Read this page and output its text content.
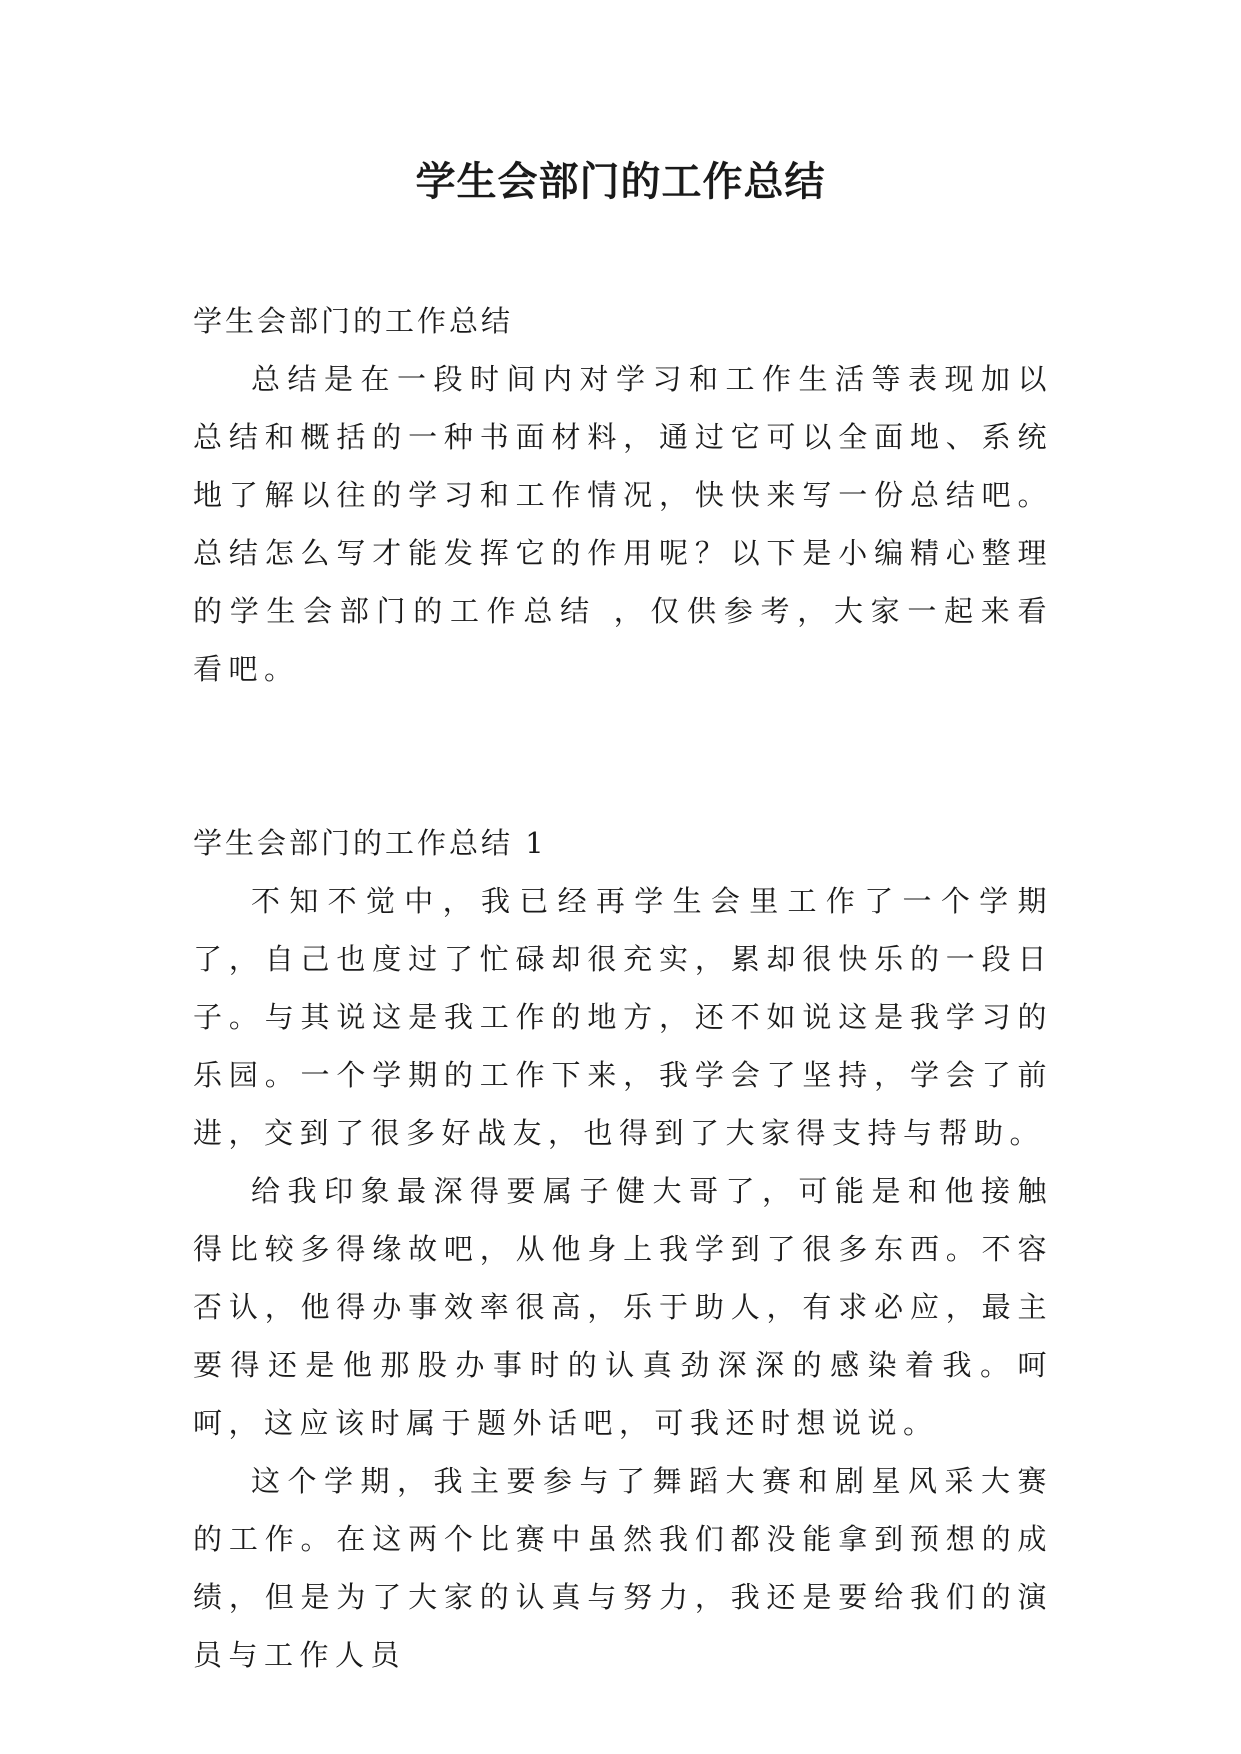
学生会部门的工作总结

学生会部门的工作总结

总结是在一段时间内对学习和工作生活等表现加以总结和概括的一种书面材料，通过它可以全面地、系统地了解以往的学习和工作情况，快快来写一份总结吧。总结怎么写才能发挥它的作用呢？以下是小编精心整理的学生会部门的工作总结 ，仅供参考，大家一起来看看吧。

学生会部门的工作总结 1

不知不觉中，我已经再学生会里工作了一个学期了，自己也度过了忙碌却很充实，累却很快乐的一段日子。与其说这是我工作的地方，还不如说这是我学习的乐园。一个学期的工作下来，我学会了坚持，学会了前进，交到了很多好战友，也得到了大家得支持与帮助。

给我印象最深得要属子健大哥了，可能是和他接触得比较多得缘故吧，从他身上我学到了很多东西。不容否认，他得办事效率很高，乐于助人，有求必应，最主要得还是他那股办事时的认真劲深深的感染着我。呵呵，这应该时属于题外话吧，可我还时想说说。

这个学期，我主要参与了舞蹈大赛和剧星风采大赛的工作。在这两个比赛中虽然我们都没能拿到预想的成绩，但是为了大家的认真与努力，我还是要给我们的演员与工作人员
